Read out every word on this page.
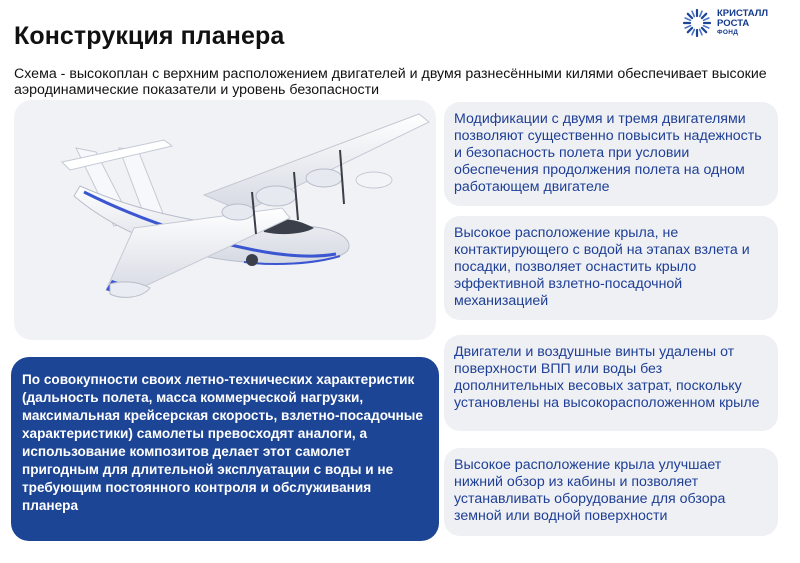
Конструкция планера
КРИСТАЛЛ
РОСТА
ФОНД
Схема - высокоплан с верхним расположением двигателей и двумя разнесёнными килями обеспечивает высокие аэродинамические показатели и уровень безопасности
Модификации с двумя и тремя двигателями позволяют существенно повысить надежность и безопасность полета при условии обеспечения продолжения полета на одном работающем двигателе
Высокое расположение крыла, не контактирующего с водой на этапах взлета и посадки, позволяет оснастить крыло эффективной взлетно-посадочной механизацией
Двигатели и воздушные винты удалены от поверхности ВПП или воды без дополнительных весовых затрат, поскольку установлены на высокорасположенном крыле
Высокое расположение крыла улучшает нижний обзор из кабины и позволяет устанавливать оборудование для обзора земной или водной поверхности
По совокупности своих летно-технических характеристик (дальность полета, масса коммерческой нагрузки, максимальная крейсерская скорость, взлетно-посадочные характеристики) самолеты превосходят аналоги, а использование композитов делает этот самолет пригодным для длительной эксплуатации с воды и не требующим постоянного контроля и обслуживания планера
